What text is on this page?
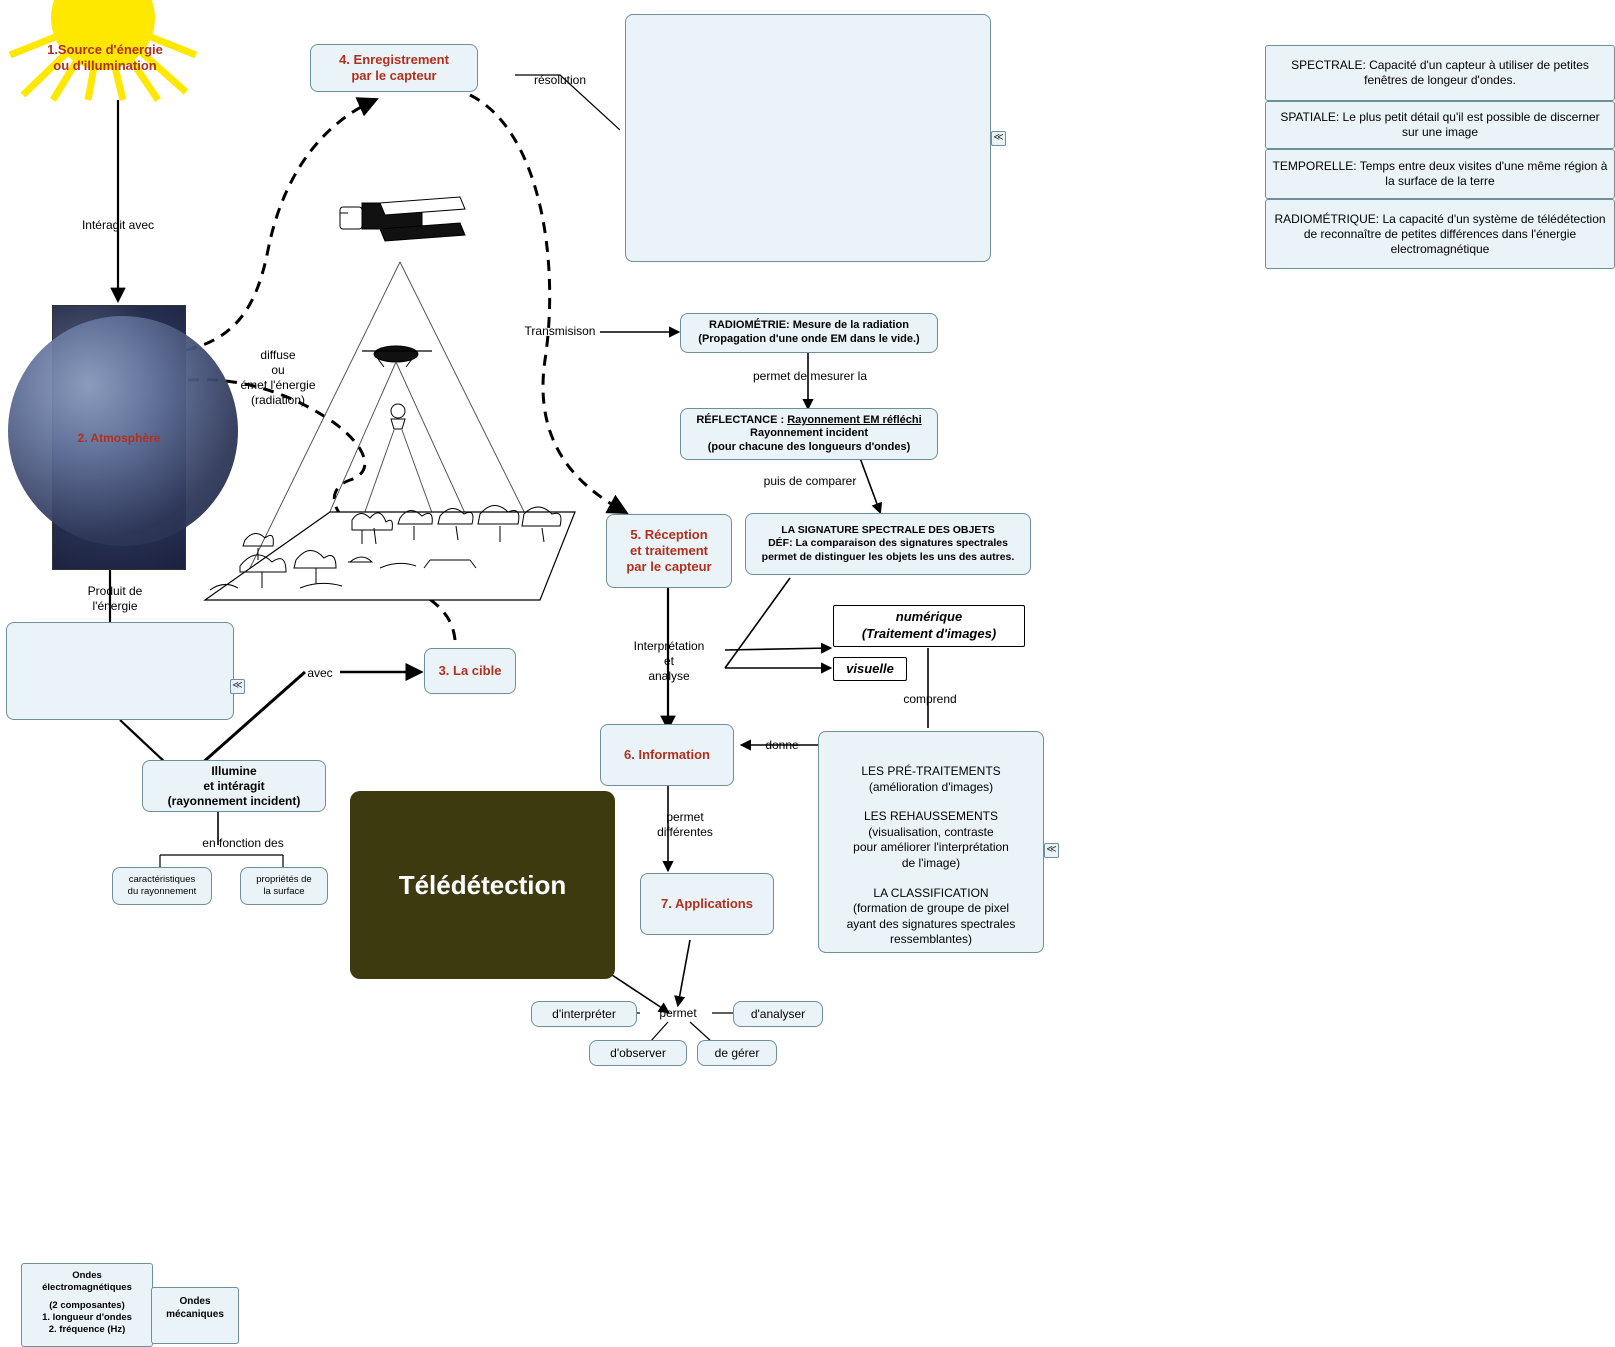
1.Source d'énergie
ou d'illumination
2. Atmosphère
Intéragit avec
diffuse
ou
émet l'énergie
(radiation)
Produit de
l'énergie
avec
Transmisison
permet de mesurer la
puis de comparer
résolution
Interprétation
et
analyse
comprend
donne
permet
différentes
en fonction des
permet
4. Enregistrement
par le capteur
SPECTRALE: Capacité d'un capteur à utiliser de petites fenêtres de longeur d'ondes.
SPATIALE: Le plus petit détail qu'il est possible de discerner sur une image
TEMPORELLE: Temps entre deux visites d'une même région à la surface de la terre
RADIOMÉTRIQUE: La capacité d'un système de télédétection de reconnaître de petites différences dans l'énergie electromagnétique
≪
RADIOMÉTRIE: Mesure de la radiation
(Propagation d'une onde EM dans le vide.)
RÉFLECTANCE : Rayonnement EM réfléchi
Rayonnement incident
(pour chacune des longueurs d'ondes)
LA SIGNATURE SPECTRALE DES OBJETS
DÉF: La comparaison des signatures spectrales permet de distinguer les objets les uns des autres.
5. Réception
et traitement
par le capteur
numérique
(Traitement d'images)
visuelle
6. Information
LES PRÉ-TRAITEMENTS
(amélioration d'images)
LES REHAUSSEMENTS
(visualisation, contraste
pour améliorer l'interprétation
de l'image)
LA CLASSIFICATION
(formation de groupe de pixel
ayant des signatures spectrales
ressemblantes)
≪
7. Applications
3. La cible
Ondes
électromagnétiques
(2 composantes)
1. longueur d'ondes
2. fréquence (Hz)
Ondes
mécaniques
≪
Illumine
et intéragit
(rayonnement incident)
caractéristiques
du rayonnement
propriétés de
la surface	Télédétection
d'interpréter	d'analyser
d'observer	de gérer
